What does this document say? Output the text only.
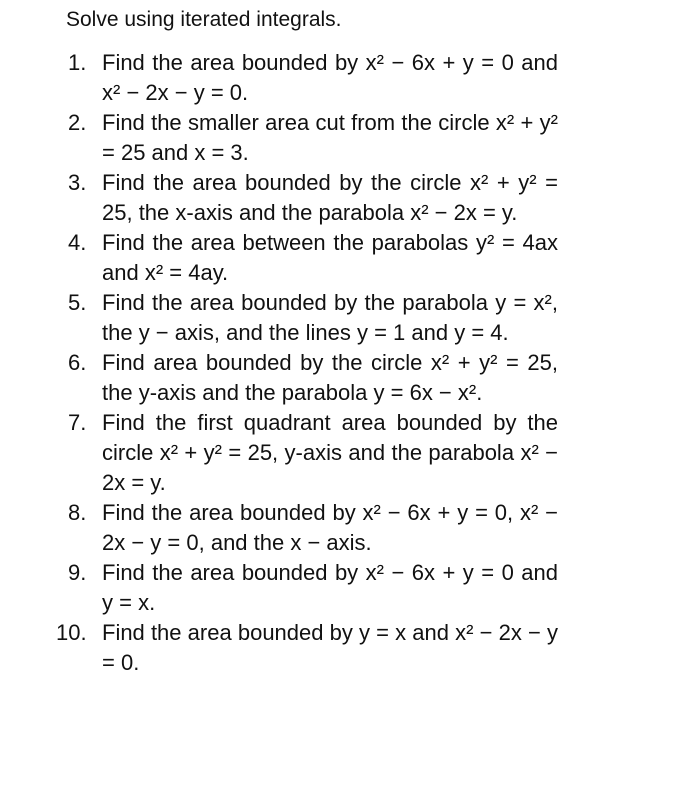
Solve using iterated integrals.
1. Find the area bounded by x² − 6x + y = 0 and x² − 2x − y = 0.
2. Find the smaller area cut from the circle x² + y² = 25 and x = 3.
3. Find the area bounded by the circle x² + y² = 25, the x-axis and the parabola x² − 2x = y.
4. Find the area between the parabolas y² = 4ax and x² = 4ay.
5. Find the area bounded by the parabola y = x², the y − axis, and the lines y = 1 and y = 4.
6. Find area bounded by the circle x² + y² = 25, the y-axis and the parabola y = 6x − x².
7. Find the first quadrant area bounded by the circle x² + y² = 25, y-axis and the parabola x² − 2x = y.
8. Find the area bounded by x² − 6x + y = 0, x² − 2x − y = 0, and the x − axis.
9. Find the area bounded by x² − 6x + y = 0 and y = x.
10. Find the area bounded by y = x and x² − 2x − y = 0.
